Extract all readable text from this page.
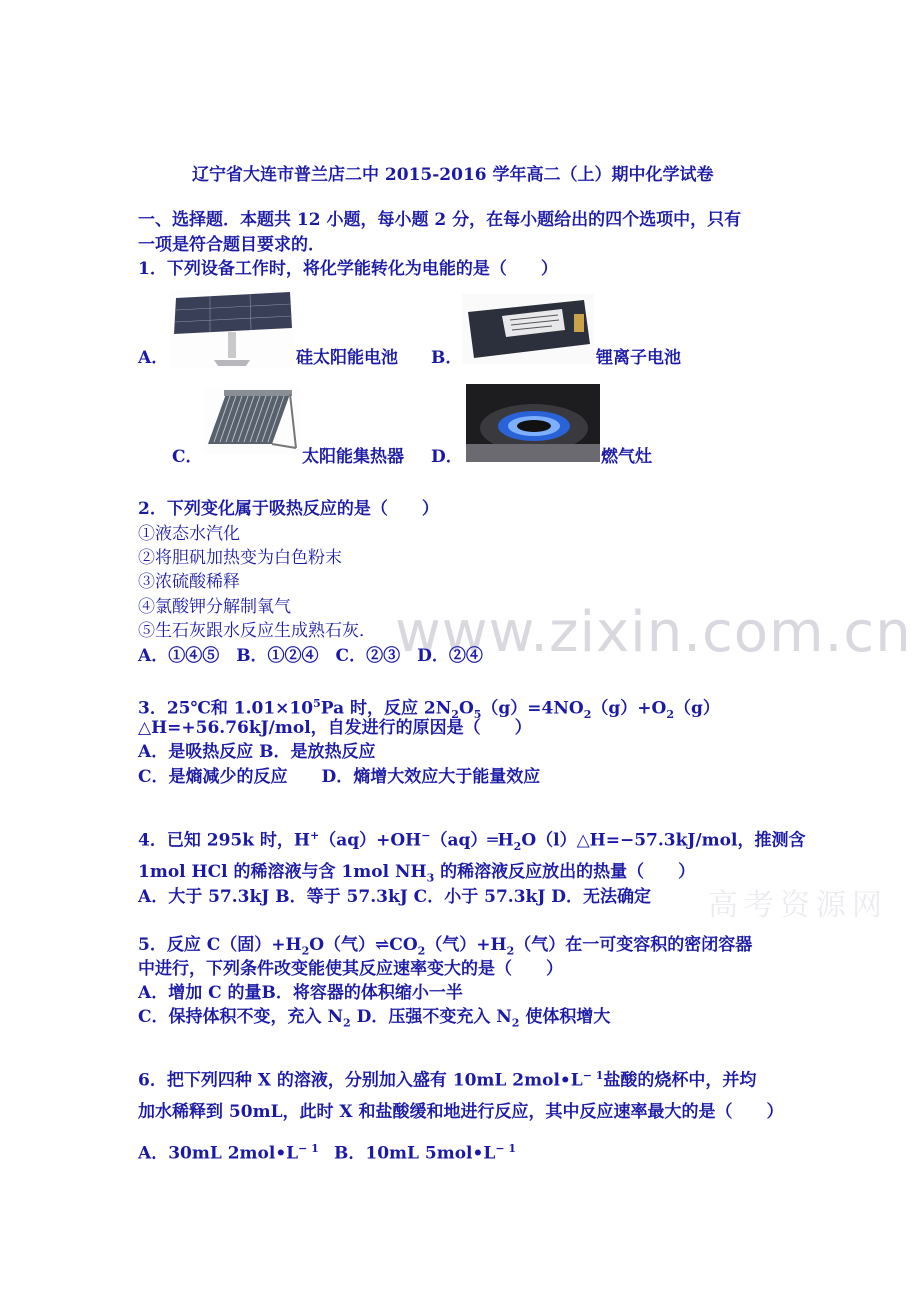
www.zixin.com.cn
高考资源网
辽宁省大连市普兰店二中 2015-2016 学年高二（上）期中化学试卷
一、选择题．本题共 12 小题，每小题 2 分，在每小题给出的四个选项中，只有
一项是符合题目要求的．
1．下列设备工作时，将化学能转化为电能的是（　　）
A．	硅太阳能电池 B．	锂离子电池
C．	太阳能集热器 D．	燃气灶
2．下列变化属于吸热反应的是（　　）
①液态水汽化
②将胆矾加热变为白色粉末
③浓硫酸稀释
④氯酸钾分解制氧气
⑤生石灰跟水反应生成熟石灰．
A．①④⑤　B．①②④　C．②③　D．②④
3．25℃和 $1.01\times 10^5Pa$ 时，反应 $2N_2O_5(g)=4NO_2(g)+O_2(g)$
△H=+56.76kJ/mol，自发进行的原因是（　　）
A．是吸热反应 B．是放热反应
C．是熵减少的反应　　D．熵增大效应大于能量效应
4．已知 295k 时，$H^+(aq)+OH^-(aq)═H_2O(l)\triangle H=-57.3kJ$/mol，推测含
1mol HCl 的稀溶液与含 1mol $NH_3$ 的稀溶液反应放出的热量（　　）
A．大于 57.3kJ B．等于 57.3kJ C．小于 57.3kJ D．无法确定
5．反应 C（固）$+H_2O$（气）$\rightleftharpoons CO_2$（气）$+H_2$（气）在一可变容积的密闭容器
中进行，下列条件改变能使其反应速率变大的是（　　）
A．增加 C 的量B．将容器的体积缩小一半
C．保持体积不变，充入 $N_2$ D．压强不变充入 $N_2$ 使体积增大
6．把下列四种 X 的溶液，分别加入盛有 10mL $2mol•L^{- 1}$盐酸的烧杯中，并均
加水稀释到 50mL，此时 X 和盐酸缓和地进行反应，其中反应速率最大的是（　　）
A．30mL $2mol•L^{- 1}$ B．10mL $5mol•L^{- 1}$
